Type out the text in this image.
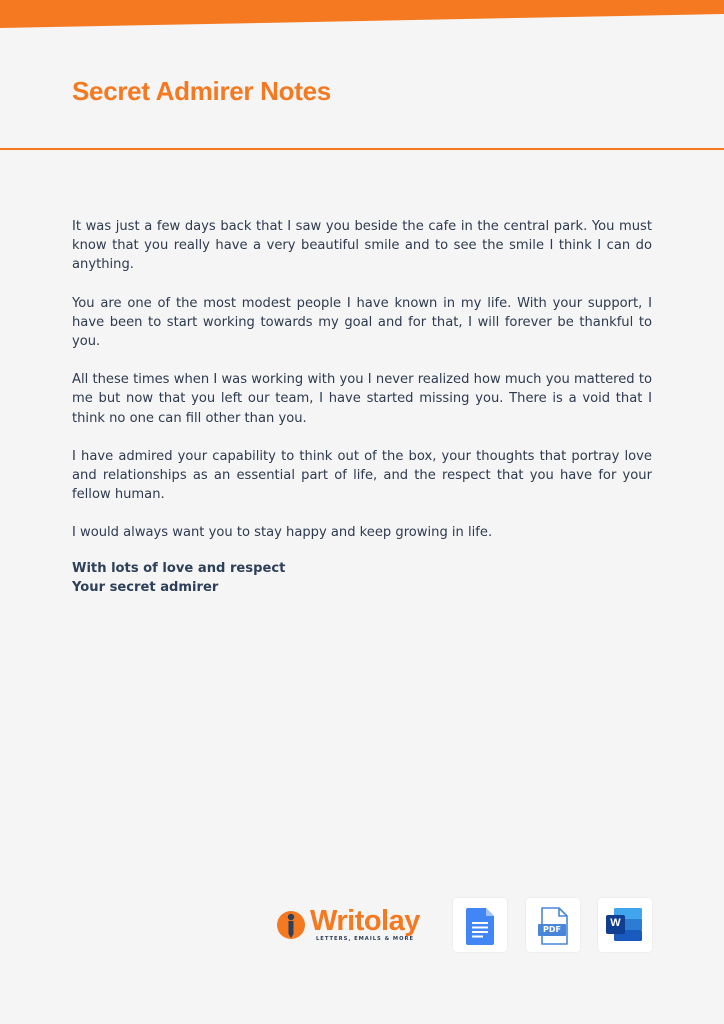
Secret Admirer Notes

It was just a few days back that I saw you beside the cafe in the central park. You must know that you really have a very beautiful smile and to see the smile I think I can do anything.

You are one of the most modest people I have known in my life. With your support, I have been to start working towards my goal and for that, I will forever be thankful to you.

All these times when I was working with you I never realized how much you mattered to me but now that you left our team, I have started missing you. There is a void that I think no one can fill other than you.

I have admired your capability to think out of the box, your thoughts that portray love and relationships as an essential part of life, and the respect that you have for your fellow human.

I would always want you to stay happy and keep growing in life.

With lots of love and respect
Your secret admirer
Writolay
LETTERS, EMAILS & MORE
PDF
W
